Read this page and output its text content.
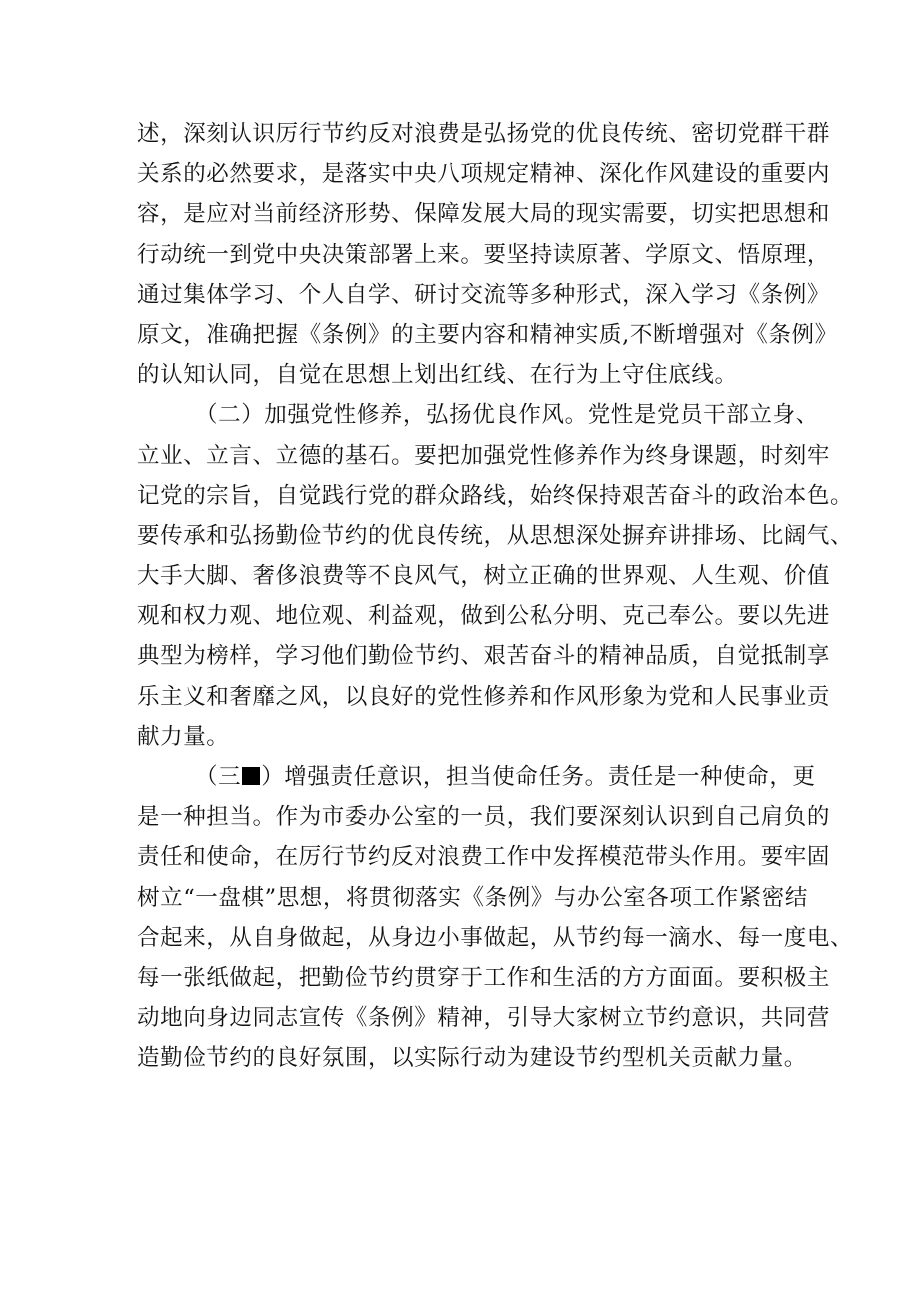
述，深刻认识厉行节约反对浪费是弘扬党的优良传统、密切党群干群
关系的必然要求，是落实中央八项规定精神、深化作风建设的重要内
容，是应对当前经济形势、保障发展大局的现实需要，切实把思想和
行动统一到党中央决策部署上来。要坚持读原著、学原文、悟原理，
通过集体学习、个人自学、研讨交流等多种形式，深入学习《条例》
原文，准确把握《条例》的主要内容和精神实质,不断增强对《条例》
的认知认同，自觉在思想上划出红线、在行为上守住底线。
（二）加强党性修养，弘扬优良作风。党性是党员干部立身、
立业、立言、立德的基石。要把加强党性修养作为终身课题，时刻牢
记党的宗旨，自觉践行党的群众路线，始终保持艰苦奋斗的政治本色。
要传承和弘扬勤俭节约的优良传统，从思想深处摒弃讲排场、比阔气、
大手大脚、奢侈浪费等不良风气，树立正确的世界观、人生观、价值
观和权力观、地位观、利益观，做到公私分明、克己奉公。要以先进
典型为榜样，学习他们勤俭节约、艰苦奋斗的精神品质，自觉抵制享
乐主义和奢靡之风，以良好的党性修养和作风形象为党和人民事业贡
献力量。
（三 ）增强责任意识，担当使命任务。责任是一种使命，更
是一种担当。作为市委办公室的一员，我们要深刻认识到自己肩负的
责任和使命，在厉行节约反对浪费工作中发挥模范带头作用。要牢固
树立“一盘棋”思想，将贯彻落实《条例》与办公室各项工作紧密结
合起来，从自身做起，从身边小事做起，从节约每一滴水、每一度电、
每一张纸做起，把勤俭节约贯穿于工作和生活的方方面面。要积极主
动地向身边同志宣传《条例》精神，引导大家树立节约意识，共同营
造勤俭节约的良好氛围，以实际行动为建设节约型机关贡献力量。
